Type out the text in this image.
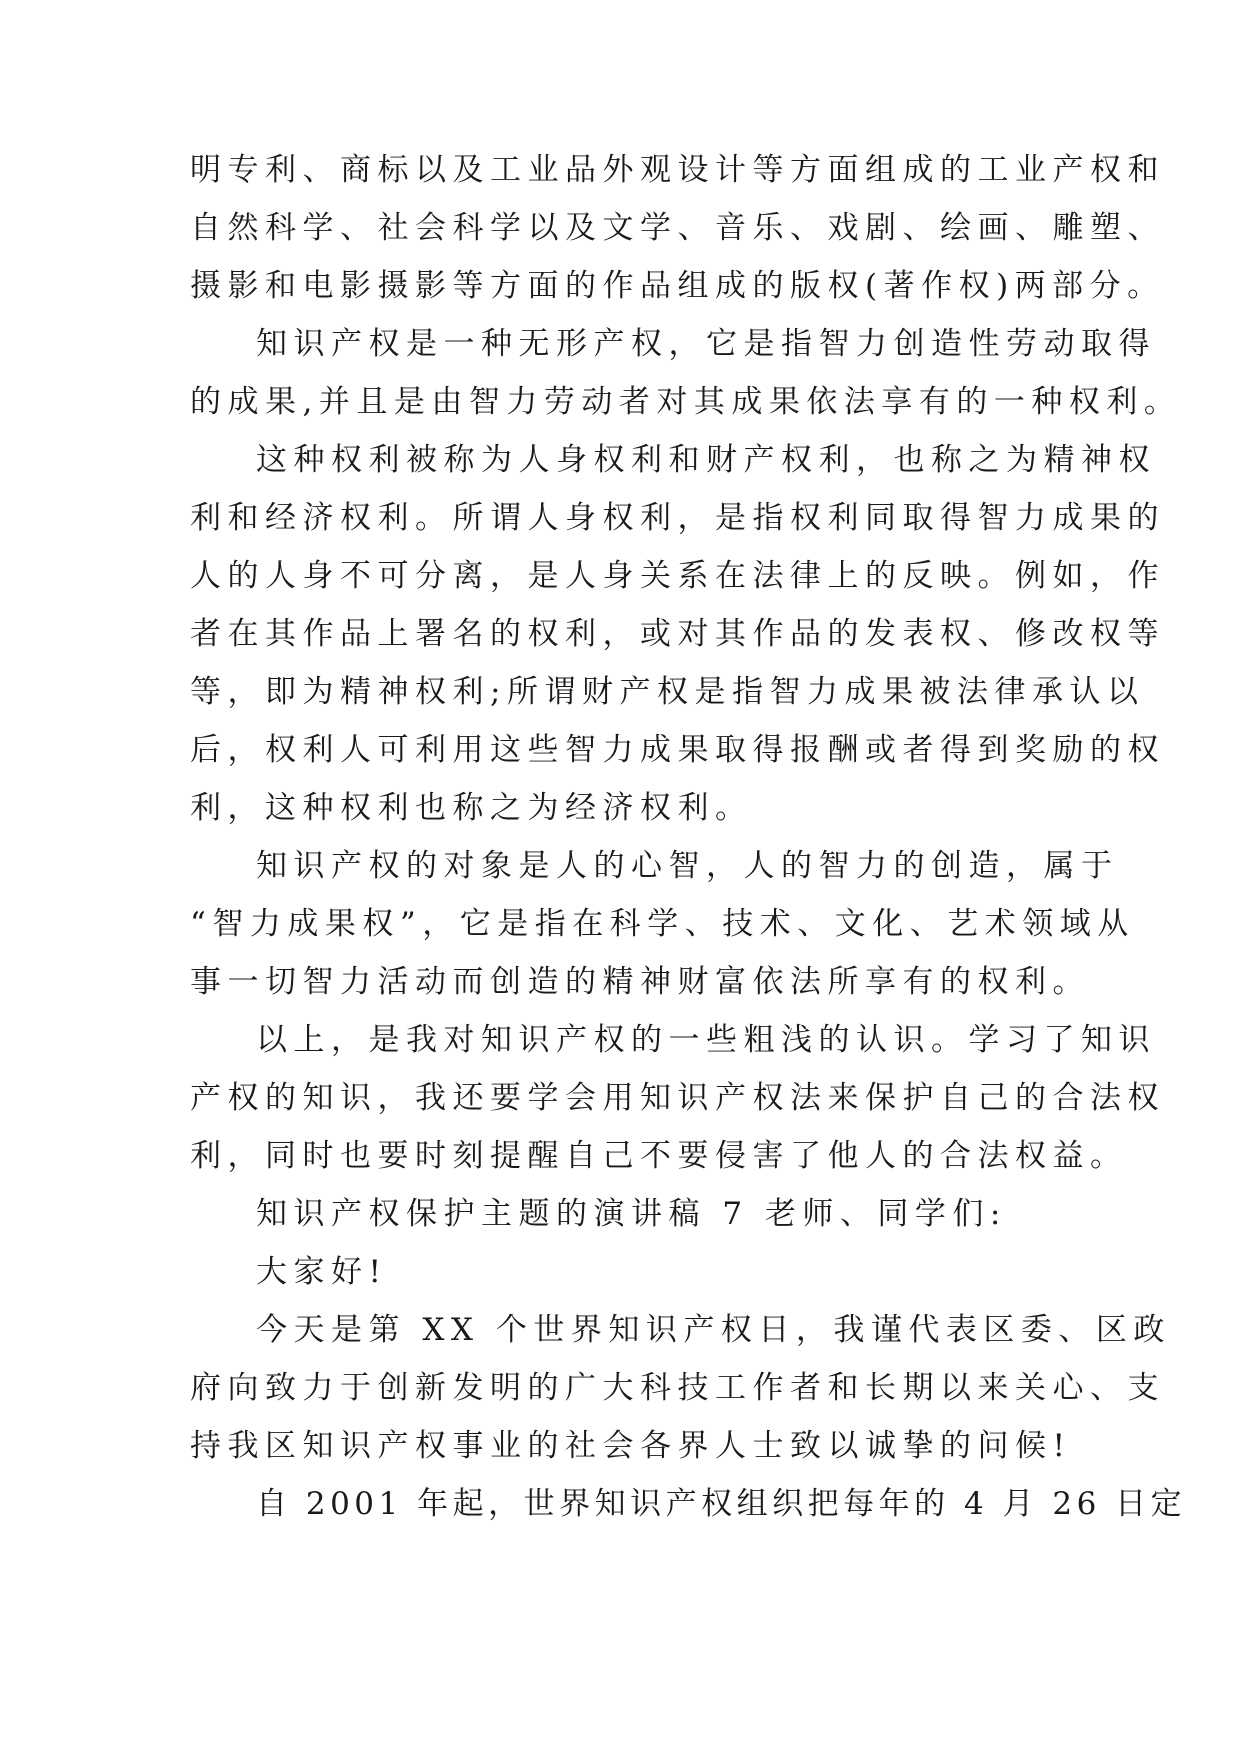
明专利、商标以及工业品外观设计等方面组成的工业产权和
自然科学、社会科学以及文学、音乐、戏剧、绘画、雕塑、
摄影和电影摄影等方面的作品组成的版权(著作权)两部分。
知识产权是一种无形产权，它是指智力创造性劳动取得
的成果,并且是由智力劳动者对其成果依法享有的一种权利。
这种权利被称为人身权利和财产权利，也称之为精神权
利和经济权利。所谓人身权利，是指权利同取得智力成果的
人的人身不可分离，是人身关系在法律上的反映。例如，作
者在其作品上署名的权利，或对其作品的发表权、修改权等
等，即为精神权利;所谓财产权是指智力成果被法律承认以
后，权利人可利用这些智力成果取得报酬或者得到奖励的权
利，这种权利也称之为经济权利。
知识产权的对象是人的心智，人的智力的创造，属于
“智力成果权”，它是指在科学、技术、文化、艺术领域从
事一切智力活动而创造的精神财富依法所享有的权利。
以上，是我对知识产权的一些粗浅的认识。学习了知识
产权的知识，我还要学会用知识产权法来保护自己的合法权
利，同时也要时刻提醒自己不要侵害了他人的合法权益。
知识产权保护主题的演讲稿 7 老师、同学们:
大家好!
今天是第 XX 个世界知识产权日，我谨代表区委、区政
府向致力于创新发明的广大科技工作者和长期以来关心、支
持我区知识产权事业的社会各界人士致以诚挚的问候!
自 2001 年起，世界知识产权组织把每年的 4 月 26 日定
